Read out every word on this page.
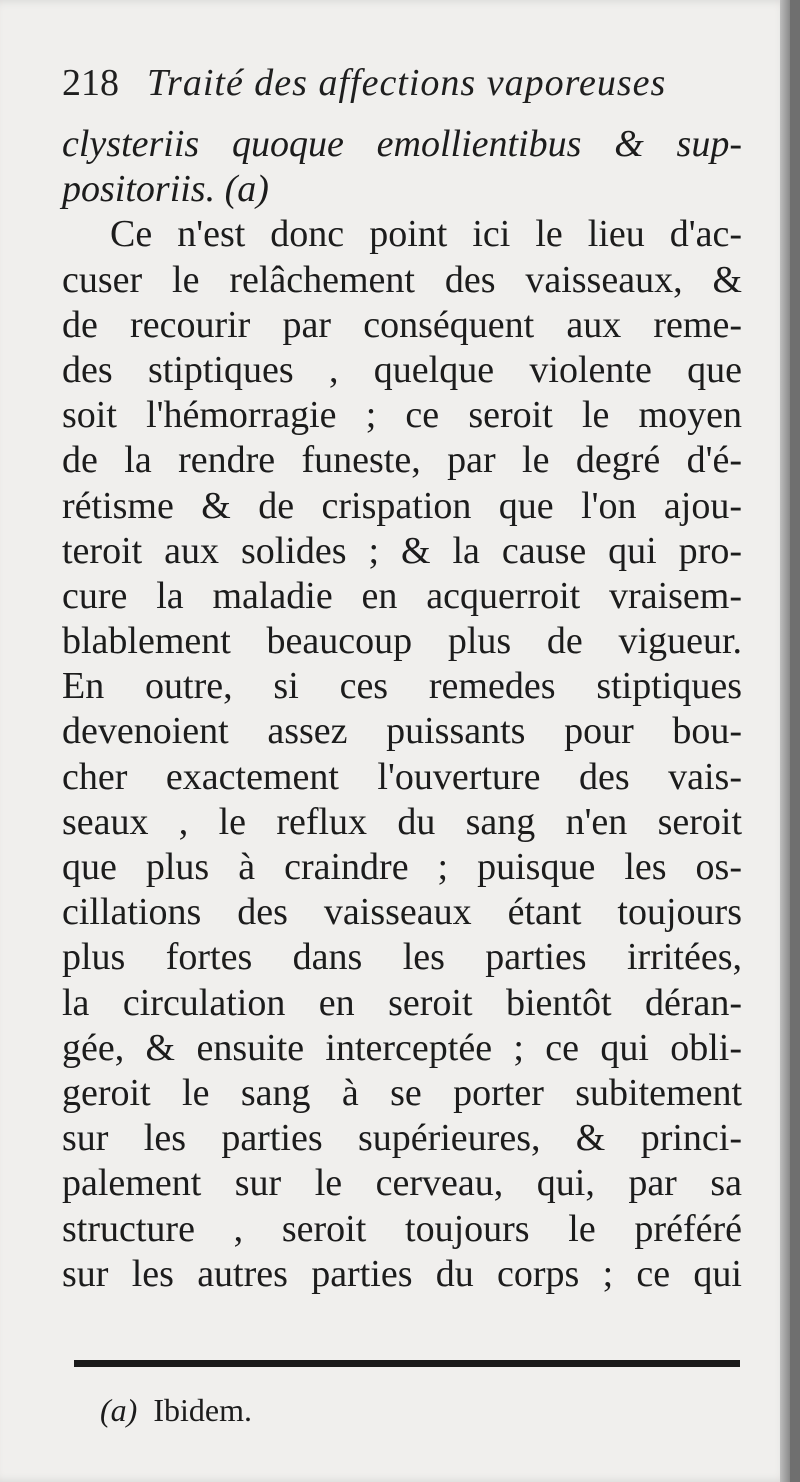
218 Traité des affections vaporeuses
clysteriis quoque emollientibus & sup-
positoriis. (a)
Ce n'est donc point ici le lieu d'ac-
cuser le relâchement des vaisseaux, &
de recourir par conséquent aux reme-
des stiptiques , quelque violente que
soit l'hémorragie ; ce seroit le moyen
de la rendre funeste, par le degré d'é-
rétisme & de crispation que l'on ajou-
teroit aux solides ; & la cause qui pro-
cure la maladie en acquerroit vraisem-
blablement beaucoup plus de vigueur.
En outre, si ces remedes stiptiques
devenoient assez puissants pour bou-
cher exactement l'ouverture des vais-
seaux , le reflux du sang n'en seroit
que plus à craindre ; puisque les os-
cillations des vaisseaux étant toujours
plus fortes dans les parties irritées,
la circulation en seroit bientôt déran-
gée, & ensuite interceptée ; ce qui obli-
geroit le sang à se porter subitement
sur les parties supérieures, & princi-
palement sur le cerveau, qui, par sa
structure , seroit toujours le préféré
sur les autres parties du corps ; ce qui
(a) Ibidem.
